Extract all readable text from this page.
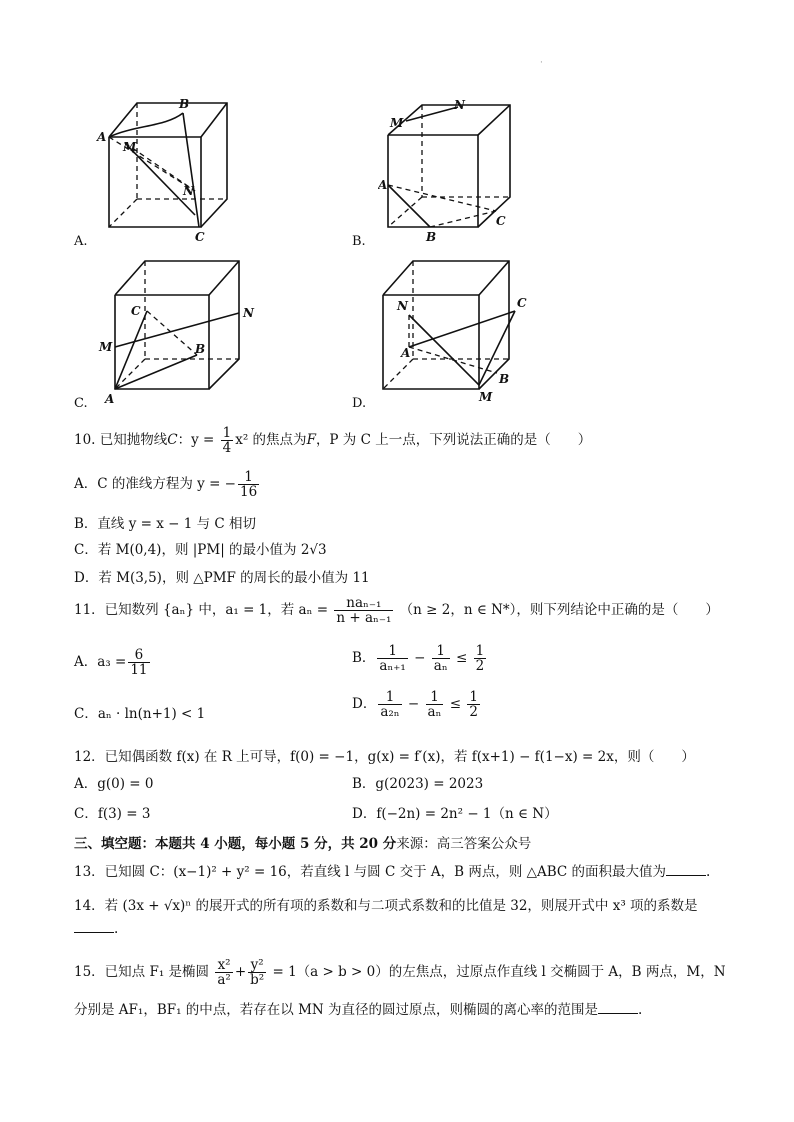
·
A
B
M
N
C
A.
M
N
A
C
B
B.
C	N
M	B
A
C.
N	C
A
B
M
D.
10. 已知抛物线C：$y = \frac{1}{4} x^2$ 的焦点为F，P 为 C 上一点，下列说法正确的是（　　）
A．C 的准线方程为 y = − $\frac{1}{16}$
B．直线 y = x − 1 与 C 相切
C．若 M(0,4)，则 |PM| 的最小值为 2√3
D．若 M(3,5)，则 △PMF 的周长的最小值为 11
11．已知数列 {aₙ} 中，a₁ = 1，若 $a_n = \frac{\text{naₙ₋₁}}{\text{n + aₙ₋₁}} (n \ge 2$，n ∈ N*），则下列结论中正确的是（　　）
A．$a_3 = \frac{6}{11}$	B． $\frac{1}{\text{aₙ₊₁}} - \frac{1}{\text{aₙ}} \le \frac{1}{2}$
C．aₙ · ln(n+1) < 1
D． $\frac{1}{\text{a₂ₙ}} - \frac{1}{\text{aₙ}} \le \frac{1}{2}$
12．已知偶函数 f(x) 在 R 上可导，f(0) = −1，g(x) = f′(x)，若 f(x+1) − f(1−x) = 2x，则（　　）
A．g(0) = 0	B．g(2023) = 2023
C．f(3) = 3	D．f(−2n) = 2n² − 1（n ∈ N）
三、填空题：本题共 4 小题，每小题 5 分，共 20 分来源：高三答案公众号
13．已知圆 C：(x−1)² + y² = 16，若直线 l 与圆 C 交于 A，B 两点，则 △ABC 的面积最大值为	.
14．若 (3x + √x)ⁿ 的展开式的所有项的系数和与二项式系数和的比值是 32，则展开式中 x³ 项的系数是
.
15．已知点 F₁ 是椭圆 $\frac{\text{x²}}{\text{a²}} + \frac{\text{y²}}{\text{b²}} = 1(a > b > 0)$的左焦点，过原点作直线 l 交椭圆于 A，B 两点，M，N
分别是 AF₁，BF₁ 的中点，若存在以 MN 为直径的圆过原点，则椭圆的离心率的范围是	.
